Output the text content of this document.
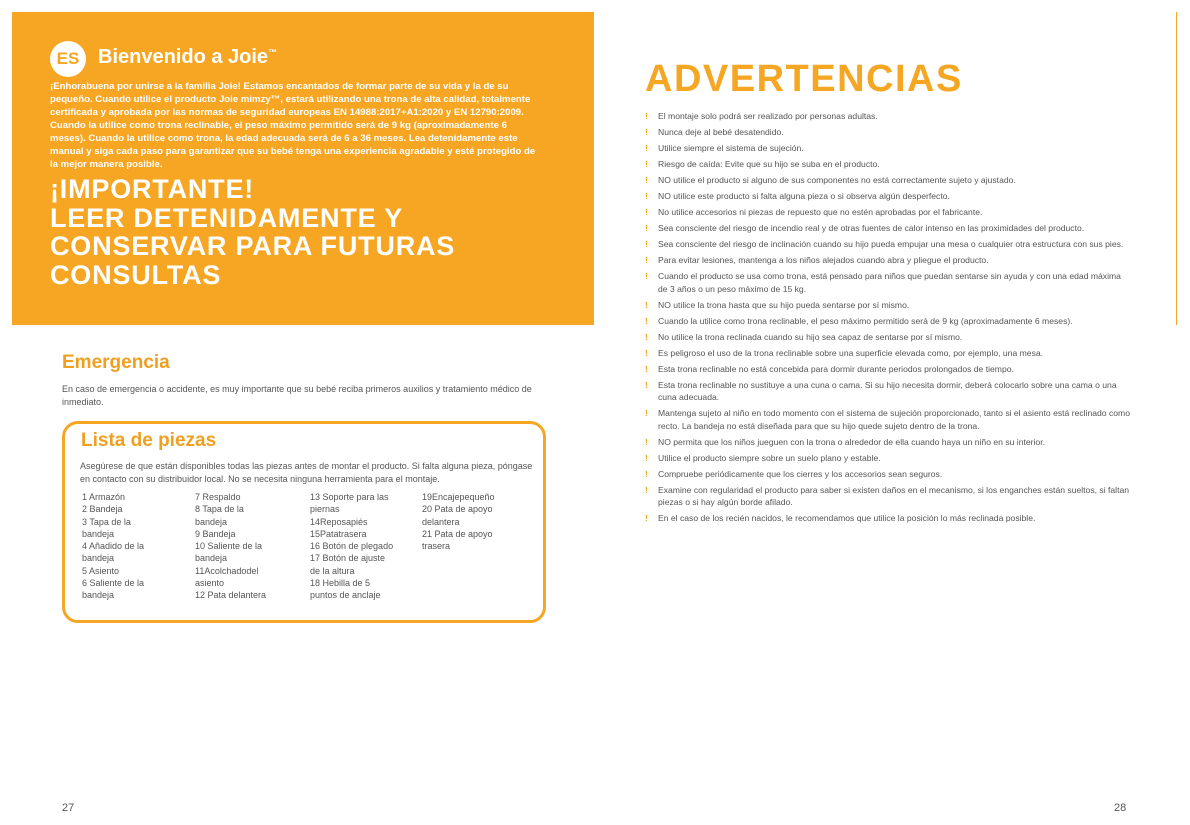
ES Bienvenido a Joie™
¡Enhorabuena por unirse a la familia Joie! Estamos encantados de formar parte de su vida y la de su pequeño. Cuando utilice el producto Joie mimzy™, estará utilizando una trona de alta calidad, totalmente certificada y aprobada por las normas de seguridad europeas EN 14988:2017+A1:2020 y EN 12790:2009. Cuando la utilice como trona reclinable, el peso máximo permitido será de 9 kg (aproximadamente 6 meses). Cuando la utilice como trona, la edad adecuada será de 6 a 36 meses. Lea detenidamente este manual y siga cada paso para garantizar que su bebé tenga una experiencia agradable y esté protegido de la mejor manera posible.
¡IMPORTANTE!
LEER DETENIDAMENTE Y
CONSERVAR PARA FUTURAS
CONSULTAS
Emergencia
En caso de emergencia o accidente, es muy importante que su bebé reciba primeros auxilios y tratamiento médico de inmediato.
Lista de piezas
Asegúrese de que están disponibles todas las piezas antes de montar el producto. Si falta alguna pieza, póngase en contacto con su distribuidor local. No se necesita ninguna herramienta para el montaje.
1 Armazón
2 Bandeja
3 Tapa de la
bandeja
4 Añadido de la
bandeja
5 Asiento
6 Saliente de la
bandeja
7 Respaldo
8 Tapa de la
bandeja
9 Bandeja
10 Saliente de la
bandeja
11Acolchadodel
asiento
12 Pata delantera
13 Soporte para las
piernas
14Reposapiés
15Patatrasera
16 Botón de plegado
17 Botón de ajuste
de la altura
18 Hebilla de 5
puntos de anclaje
19Encajepequeño
20 Pata de apoyo
delantera
21 Pata de apoyo
trasera
27
ADVERTENCIAS
! El montaje solo podrá ser realizado por personas adultas.
! Nunca deje al bebé desatendido.
! Utilice siempre el sistema de sujeción.
! Riesgo de caída: Evite que su hijo se suba en el producto.
! NO utilice el producto si alguno de sus componentes no está correctamente sujeto y ajustado.
! NO utilice este producto si falta alguna pieza o si observa algún desperfecto.
! No utilice accesorios ni piezas de repuesto que no estén aprobadas por el fabricante.
! Sea consciente del riesgo de incendio real y de otras fuentes de calor intenso en las proximidades del producto.
! Sea consciente del riesgo de inclinación cuando su hijo pueda empujar una mesa o cualquier otra estructura con sus pies.
! Para evitar lesiones, mantenga a los niños alejados cuando abra y pliegue el producto.
! Cuando el producto se usa como trona, está pensado para niños que puedan sentarse sin ayuda y con una edad máxima de 3 años o un peso máximo de 15 kg.
! NO utilice la trona hasta que su hijo pueda sentarse por sí mismo.
! Cuando la utilice como trona reclinable, el peso máximo permitido será de 9 kg (aproximadamente 6 meses).
! No utilice la trona reclinada cuando su hijo sea capaz de sentarse por sí mismo.
! Es peligroso el uso de la trona reclinable sobre una superficie elevada como, por ejemplo, una mesa.
! Esta trona reclinable no está concebida para dormir durante periodos prolongados de tiempo.
! Esta trona reclinable no sustituye a una cuna o cama. Si su hijo necesita dormir, deberá colocarlo sobre una cama o una cuna adecuada.
! Mantenga sujeto al niño en todo momento con el sistema de sujeción proporcionado, tanto si el asiento está reclinado como recto. La bandeja no está diseñada para que su hijo quede sujeto dentro de la trona.
! NO permita que los niños jueguen con la trona o alrededor de ella cuando haya un niño en su interior.
! Utilice el producto siempre sobre un suelo plano y estable.
! Compruebe periódicamente que los cierres y los accesorios sean seguros.
! Examine con regularidad el producto para saber si existen daños en el mecanismo, si los enganches están sueltos, si faltan piezas o si hay algún borde afilado.
! En el caso de los recién nacidos, le recomendamos que utilice la posición lo más reclinada posible.
28
